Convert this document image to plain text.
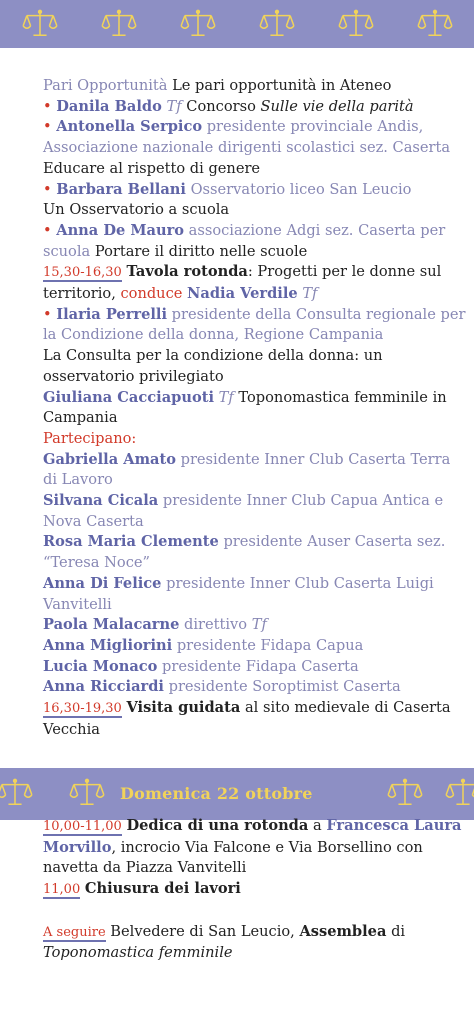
Pari Opportunità Le pari opportunità in Ateneo

• Danila Baldo Tf Concorso Sulle vie della parità

• Antonella Serpico presidente provinciale Andis, Associazione nazionale dirigenti scolastici sez. Caserta

Educare al rispetto di genere

• Barbara Bellani Osservatorio liceo San Leucio

Un Osservatorio a scuola

• Anna De Mauro associazione Adgi sez. Caserta per scuola Portare il diritto nelle scuole

15,30-16,30 Tavola rotonda: Progetti per le donne sul territorio, conduce Nadia Verdile Tf

• Ilaria Perrelli presidente della Consulta regionale per la Condizione della donna, Regione Campania

La Consulta per la condizione della donna: un osservatorio privilegiato

Giuliana Cacciapuoti Tf Toponomastica femminile in Campania

Partecipano:

Gabriella Amato presidente Inner Club Caserta Terra di Lavoro

Silvana Cicala presidente Inner Club Capua Antica e Nova Caserta

Rosa Maria Clemente presidente Auser Caserta sez. “Teresa Noce”

Anna Di Felice presidente Inner Club Caserta Luigi Vanvitelli

Paola Malacarne direttivo Tf

Anna Migliorini presidente Fidapa Capua

Lucia Monaco presidente Fidapa Caserta

Anna Ricciardi presidente Soroptimist Caserta

16,30-19,30 Visita guidata al sito medievale di Caserta Vecchia

Domenica 22 ottobre

10,00-11,00 Dedica di una rotonda a Francesca Laura Morvillo, incrocio Via Falcone e Via Borsellino con navetta da Piazza Vanvitelli

11,00 Chiusura dei lavori

A seguire Belvedere di San Leucio, Assemblea di Toponomastica femminile
